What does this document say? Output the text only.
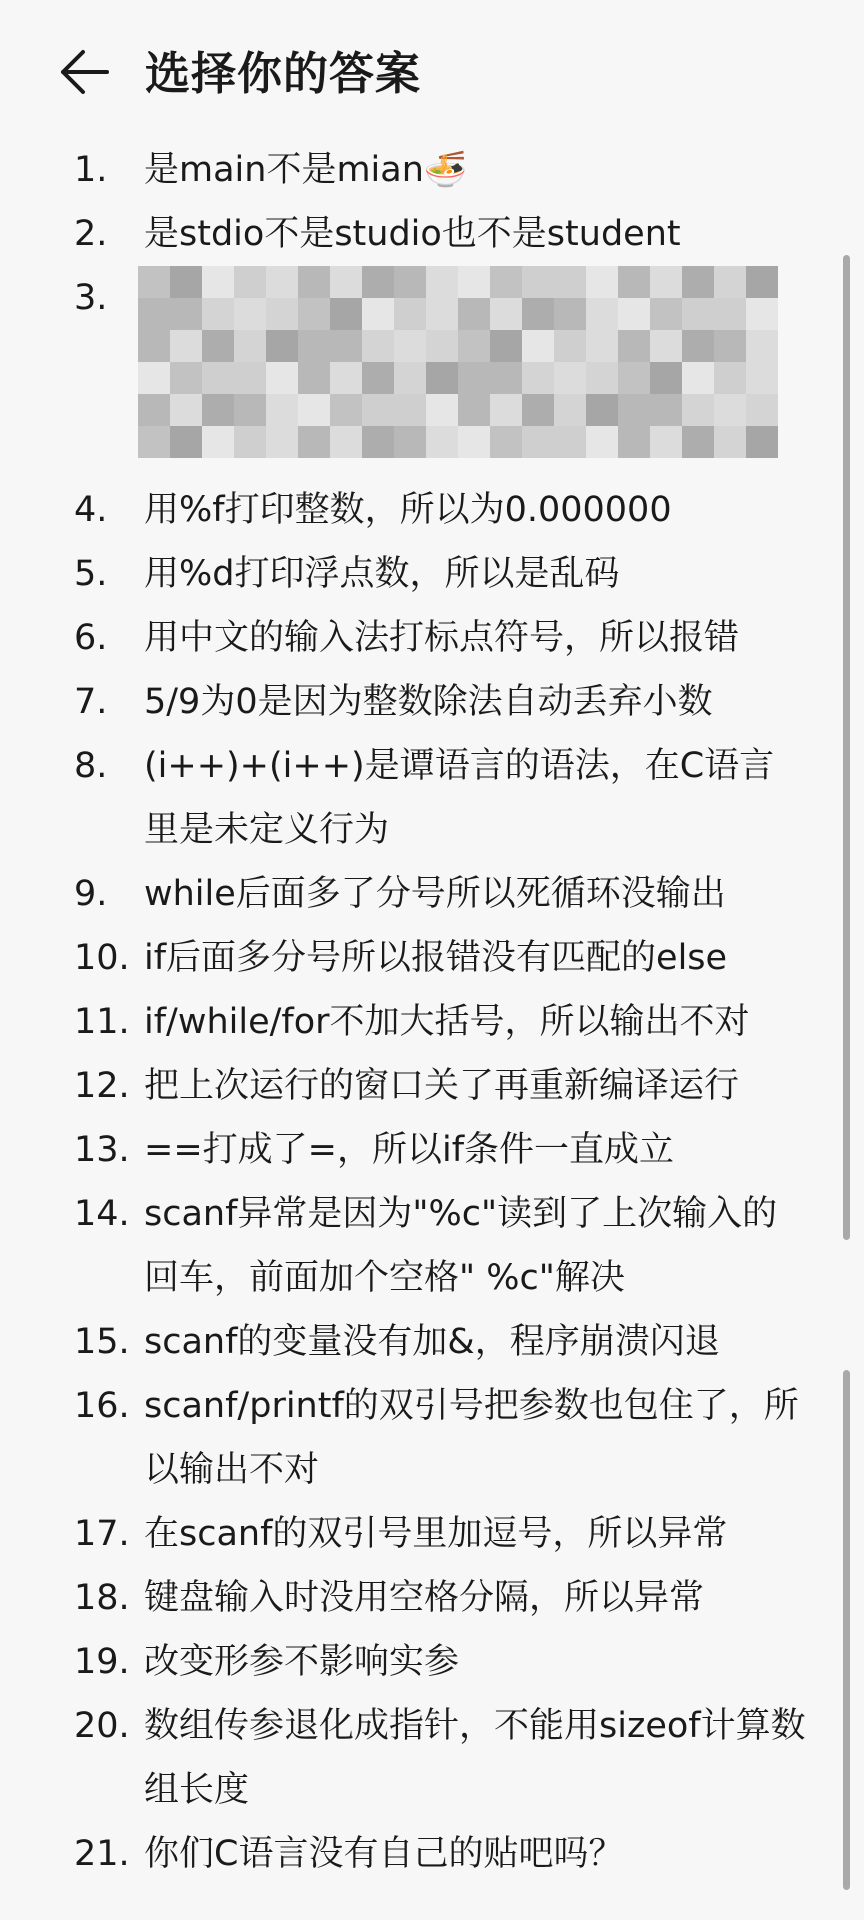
选择你的答案
1.	是main不是mian🍜
2.	是stdio不是studio也不是student
3.
4.	用%f打印整数，所以为0.000000
5.	用%d打印浮点数，所以是乱码
6.	用中文的输入法打标点符号，所以报错
7.	5/9为0是因为整数除法自动丢弃小数
8.	(i++)+(i++)是谭语言的语法，在C语言里是未定义行为
9.	while后面多了分号所以死循环没输出
10. if后面多分号所以报错没有匹配的else
11. if/while/for不加大括号，所以输出不对
12. 把上次运行的窗口关了再重新编译运行
13. ==打成了=，所以if条件一直成立
14. scanf异常是因为"%c"读到了上次输入的回车，前面加个空格" %c"解决
15. scanf的变量没有加&，程序崩溃闪退
16. scanf/printf的双引号把参数也包住了，所以输出不对
17. 在scanf的双引号里加逗号，所以异常
18. 键盘输入时没用空格分隔，所以异常
19. 改变形参不影响实参
20. 数组传参退化成指针，不能用sizeof计算数组长度
21. 你们C语言没有自己的贴吧吗？
